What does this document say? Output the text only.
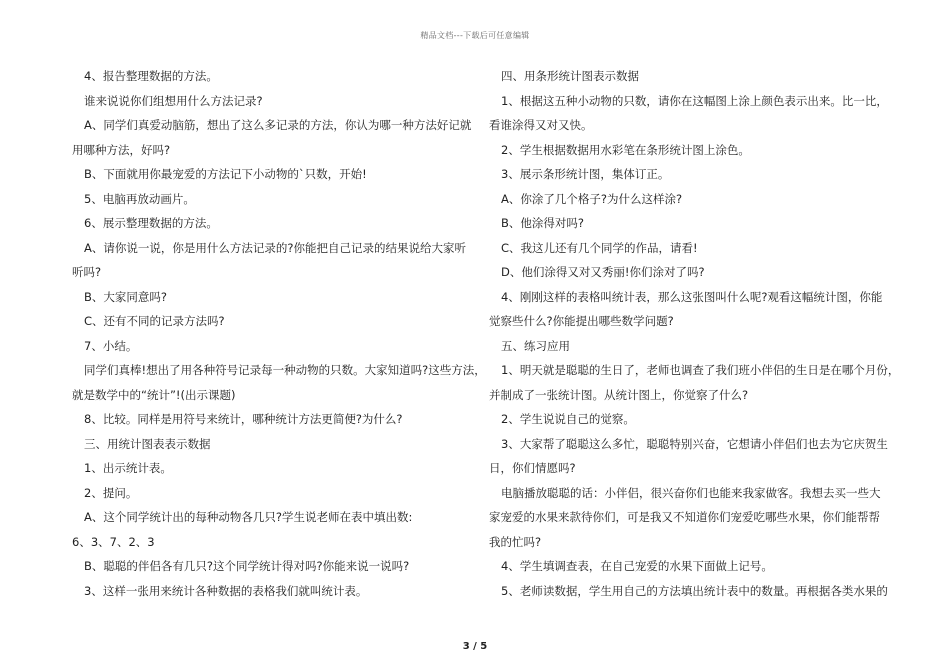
精品文档---下载后可任意编辑
4、报告整理数据的方法。
谁来说说你们组想用什么方法记录?
A、同学们真爱动脑筋，想出了这么多记录的方法，你认为哪一种方法好记就
用哪种方法，好吗?
B、下面就用你最宠爱的方法记下小动物的`只数，开始!
5、电脑再放动画片。
6、展示整理数据的方法。
A、请你说一说，你是用什么方法记录的?你能把自己记录的结果说给大家听
听吗?
B、大家同意吗?
C、还有不同的记录方法吗?
7、小结。
同学们真棒!想出了用各种符号记录每一种动物的只数。大家知道吗?这些方法，
就是数学中的“统计”!(出示课题)
8、比较。同样是用符号来统计，哪种统计方法更简便?为什么?
三、用统计图表表示数据
1、出示统计表。
2、提问。
A、这个同学统计出的每种动物各几只?学生说老师在表中填出数:
6、3、7、2、3
B、聪聪的伴侣各有几只?这个同学统计得对吗?你能来说一说吗?
3、这样一张用来统计各种数据的表格我们就叫统计表。
四、用条形统计图表示数据
1、根据这五种小动物的只数，请你在这幅图上涂上颜色表示出来。比一比，
看谁涂得又对又快。
2、学生根据数据用水彩笔在条形统计图上涂色。
3、展示条形统计图，集体订正。
A、你涂了几个格子?为什么这样涂?
B、他涂得对吗?
C、我这儿还有几个同学的作品，请看!
D、他们涂得又对又秀丽!你们涂对了吗?
4、刚刚这样的表格叫统计表，那么这张图叫什么呢?观看这幅统计图，你能
觉察些什么?你能提出哪些数学问题?
五、练习应用
1、明天就是聪聪的生日了，老师也调查了我们班小伴侣的生日是在哪个月份，
并制成了一张统计图。从统计图上，你觉察了什么?
2、学生说说自己的觉察。
3、大家帮了聪聪这么多忙，聪聪特别兴奋，它想请小伴侣们也去为它庆贺生
日，你们情愿吗?
电脑播放聪聪的话：小伴侣，很兴奋你们也能来我家做客。我想去买一些大
家宠爱的水果来款待你们，可是我又不知道你们宠爱吃哪些水果，你们能帮帮
我的忙吗?
4、学生填调查表，在自己宠爱的水果下面做上记号。
5、老师读数据，学生用自己的方法填出统计表中的数量。再根据各类水果的
3 / 5
